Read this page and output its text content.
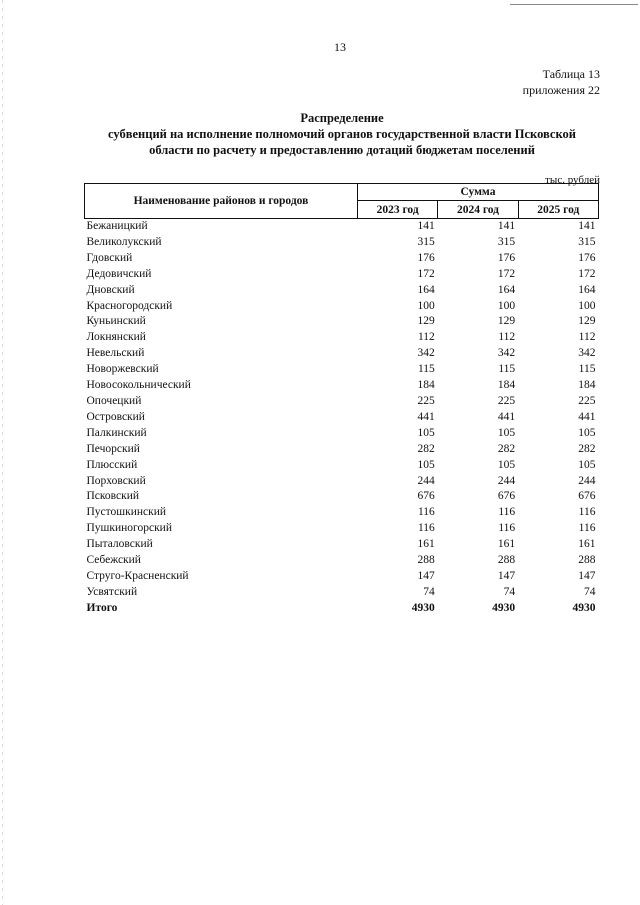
13
Таблица 13
приложения 22
Распределение
субвенций на исполнение полномочий органов государственной власти Псковской
области по расчету и предоставлению дотаций бюджетам поселений
тыс. рублей
Наименование районов и городов	Сумма		
	2023 год	2024 год	2025 год
Бежаницкий	141	141	141
Великолукский	315	315	315
Гдовский	176	176	176
Дедовичский	172	172	172
Дновский	164	164	164
Красногородский	100	100	100
Куньинский	129	129	129
Локнянский	112	112	112
Невельский	342	342	342
Новоржевский	115	115	115
Новосокольнический	184	184	184
Опочецкий	225	225	225
Островский	441	441	441
Палкинский	105	105	105
Печорский	282	282	282
Плюсский	105	105	105
Порховский	244	244	244
Псковский	676	676	676
Пустошкинский	116	116	116
Пушкиногорский	116	116	116
Пыталовский	161	161	161
Себежский	288	288	288
Струго-Красненский	147	147	147
Усвятский	74	74	74
Итого	4930	4930	4930
